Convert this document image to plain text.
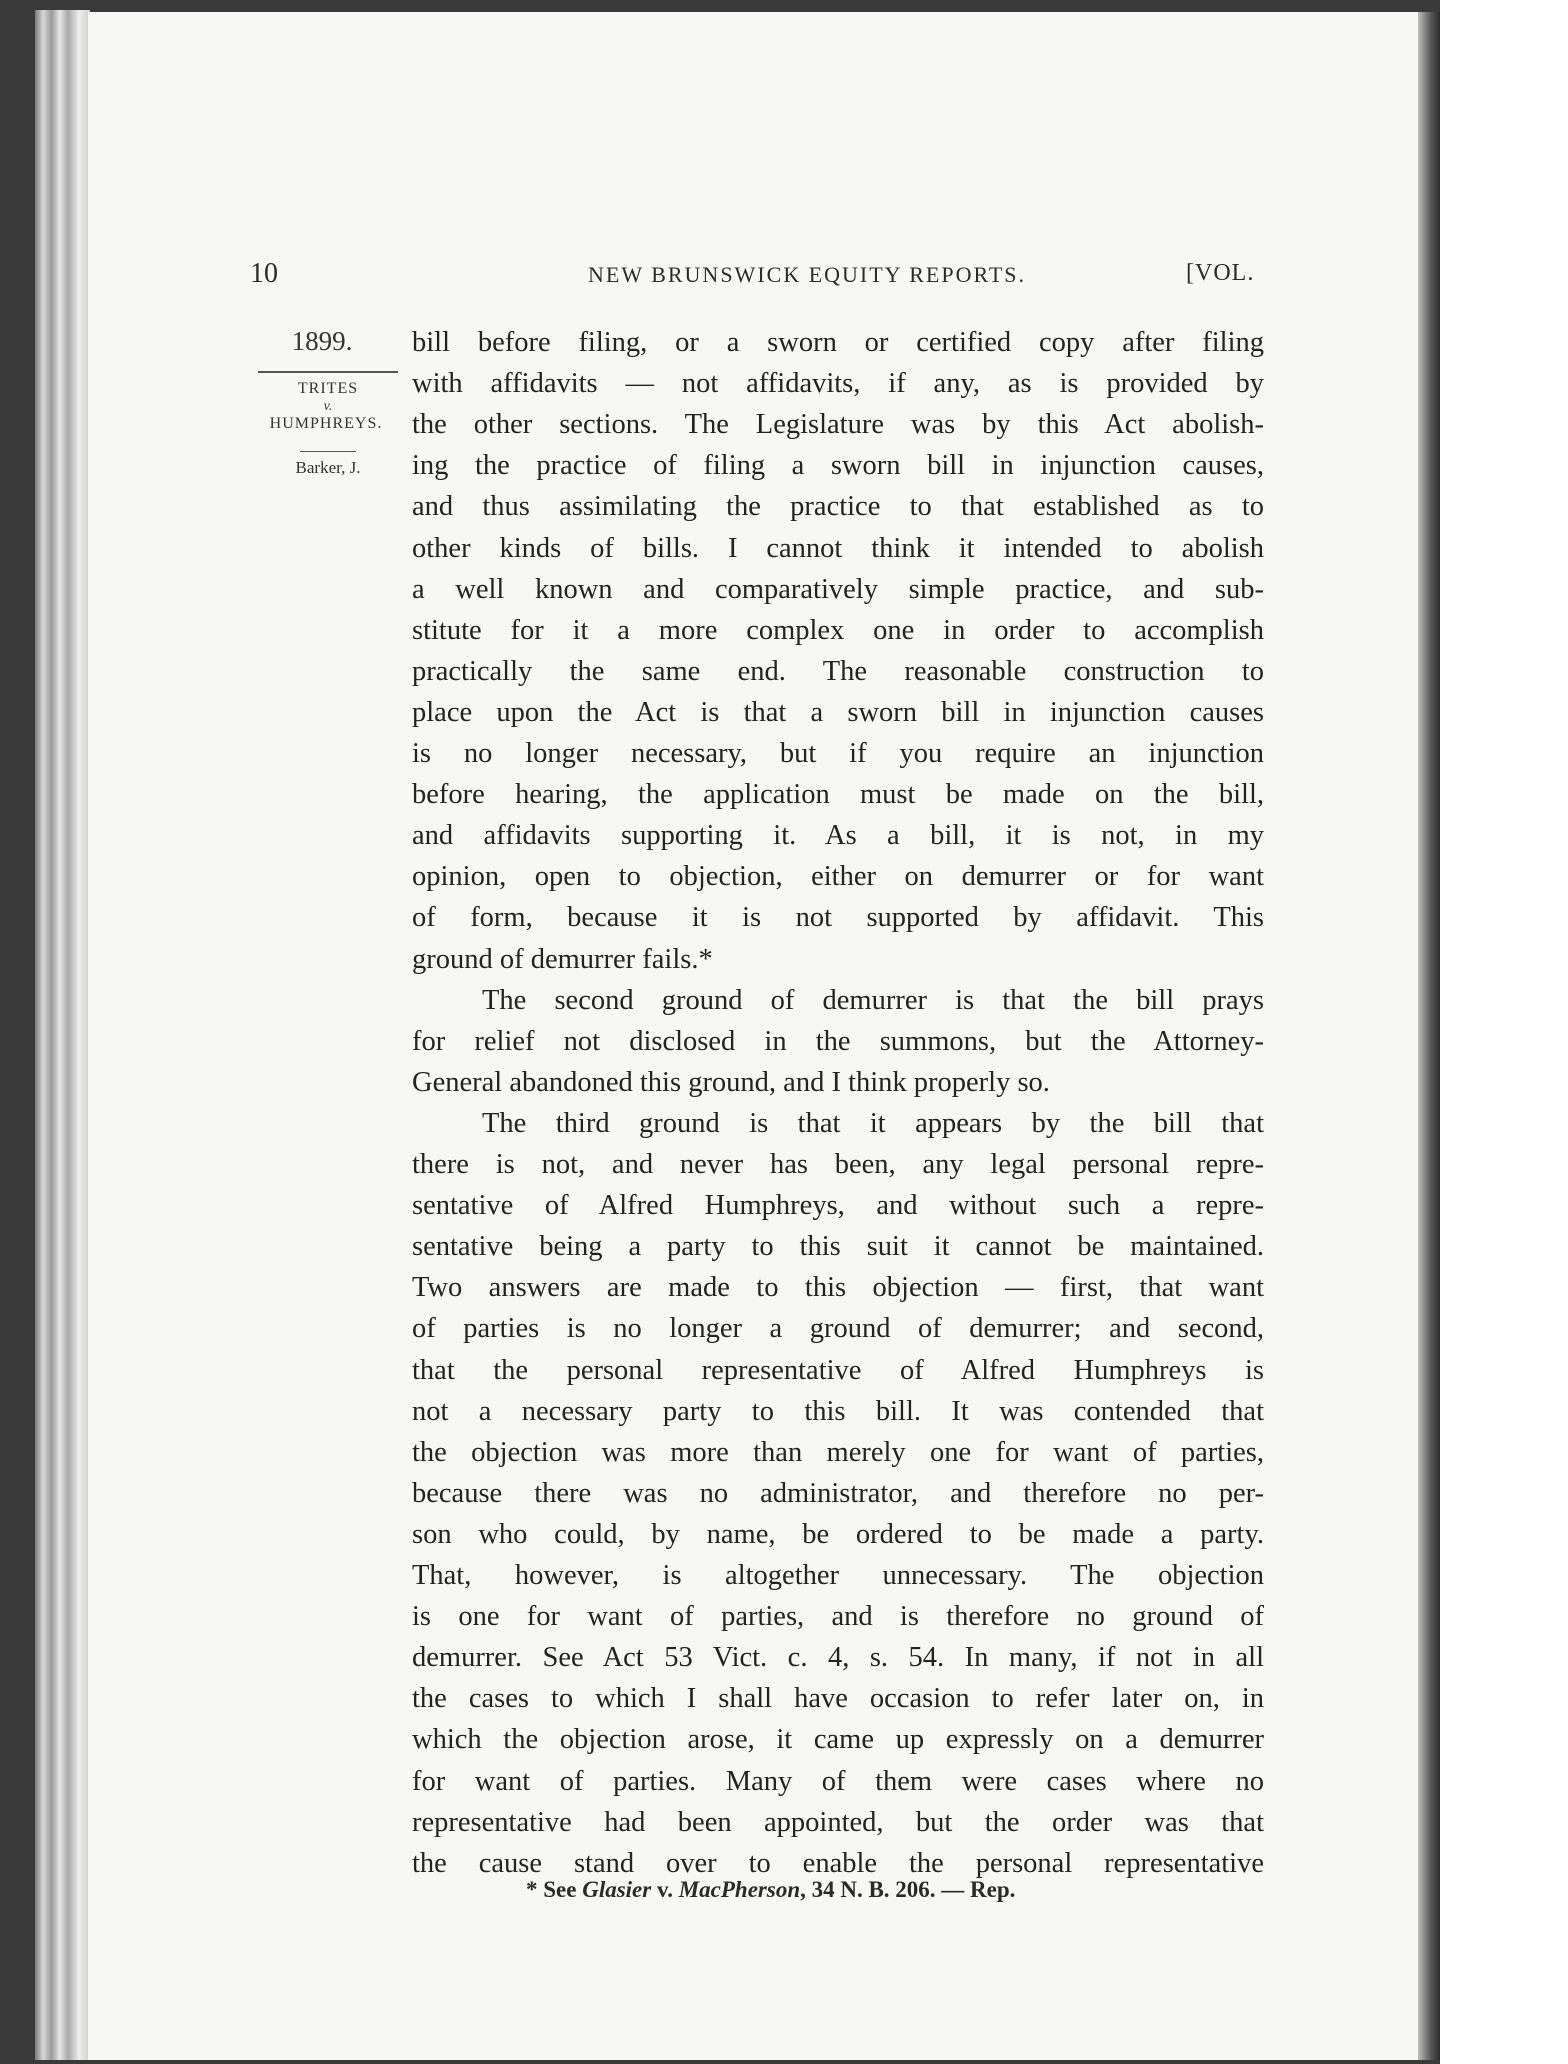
10	NEW BRUNSWICK EQUITY REPORTS.	[VOL.
1899.
TRITES
v.
HUMPHREYS.
Barker, J.
bill before filing, or a sworn or certified copy after filing
with affidavits — not affidavits, if any, as is provided by
the other sections. The Legislature was by this Act abolish-
ing the practice of filing a sworn bill in injunction causes,
and thus assimilating the practice to that established as to
other kinds of bills. I cannot think it intended to abolish
a well known and comparatively simple practice, and sub-
stitute for it a more complex one in order to accomplish
practically the same end. The reasonable construction to
place upon the Act is that a sworn bill in injunction causes
is no longer necessary, but if you require an injunction
before hearing, the application must be made on the bill,
and affidavits supporting it. As a bill, it is not, in my
opinion, open to objection, either on demurrer or for want
of form, because it is not supported by affidavit. This
ground of demurrer fails.*
The second ground of demurrer is that the bill prays
for relief not disclosed in the summons, but the Attorney-
General abandoned this ground, and I think properly so.
The third ground is that it appears by the bill that
there is not, and never has been, any legal personal repre-
sentative of Alfred Humphreys, and without such a repre-
sentative being a party to this suit it cannot be maintained.
Two answers are made to this objection — first, that want
of parties is no longer a ground of demurrer; and second,
that the personal representative of Alfred Humphreys is
not a necessary party to this bill. It was contended that
the objection was more than merely one for want of parties,
because there was no administrator, and therefore no per-
son who could, by name, be ordered to be made a party.
That, however, is altogether unnecessary. The objection
is one for want of parties, and is therefore no ground of
demurrer. See Act 53 Vict. c. 4, s. 54. In many, if not in all
the cases to which I shall have occasion to refer later on, in
which the objection arose, it came up expressly on a demurrer
for want of parties. Many of them were cases where no
representative had been appointed, but the order was that
the cause stand over to enable the personal representative
* See Glasier v. MacPherson, 34 N. B. 206. — Rep.
